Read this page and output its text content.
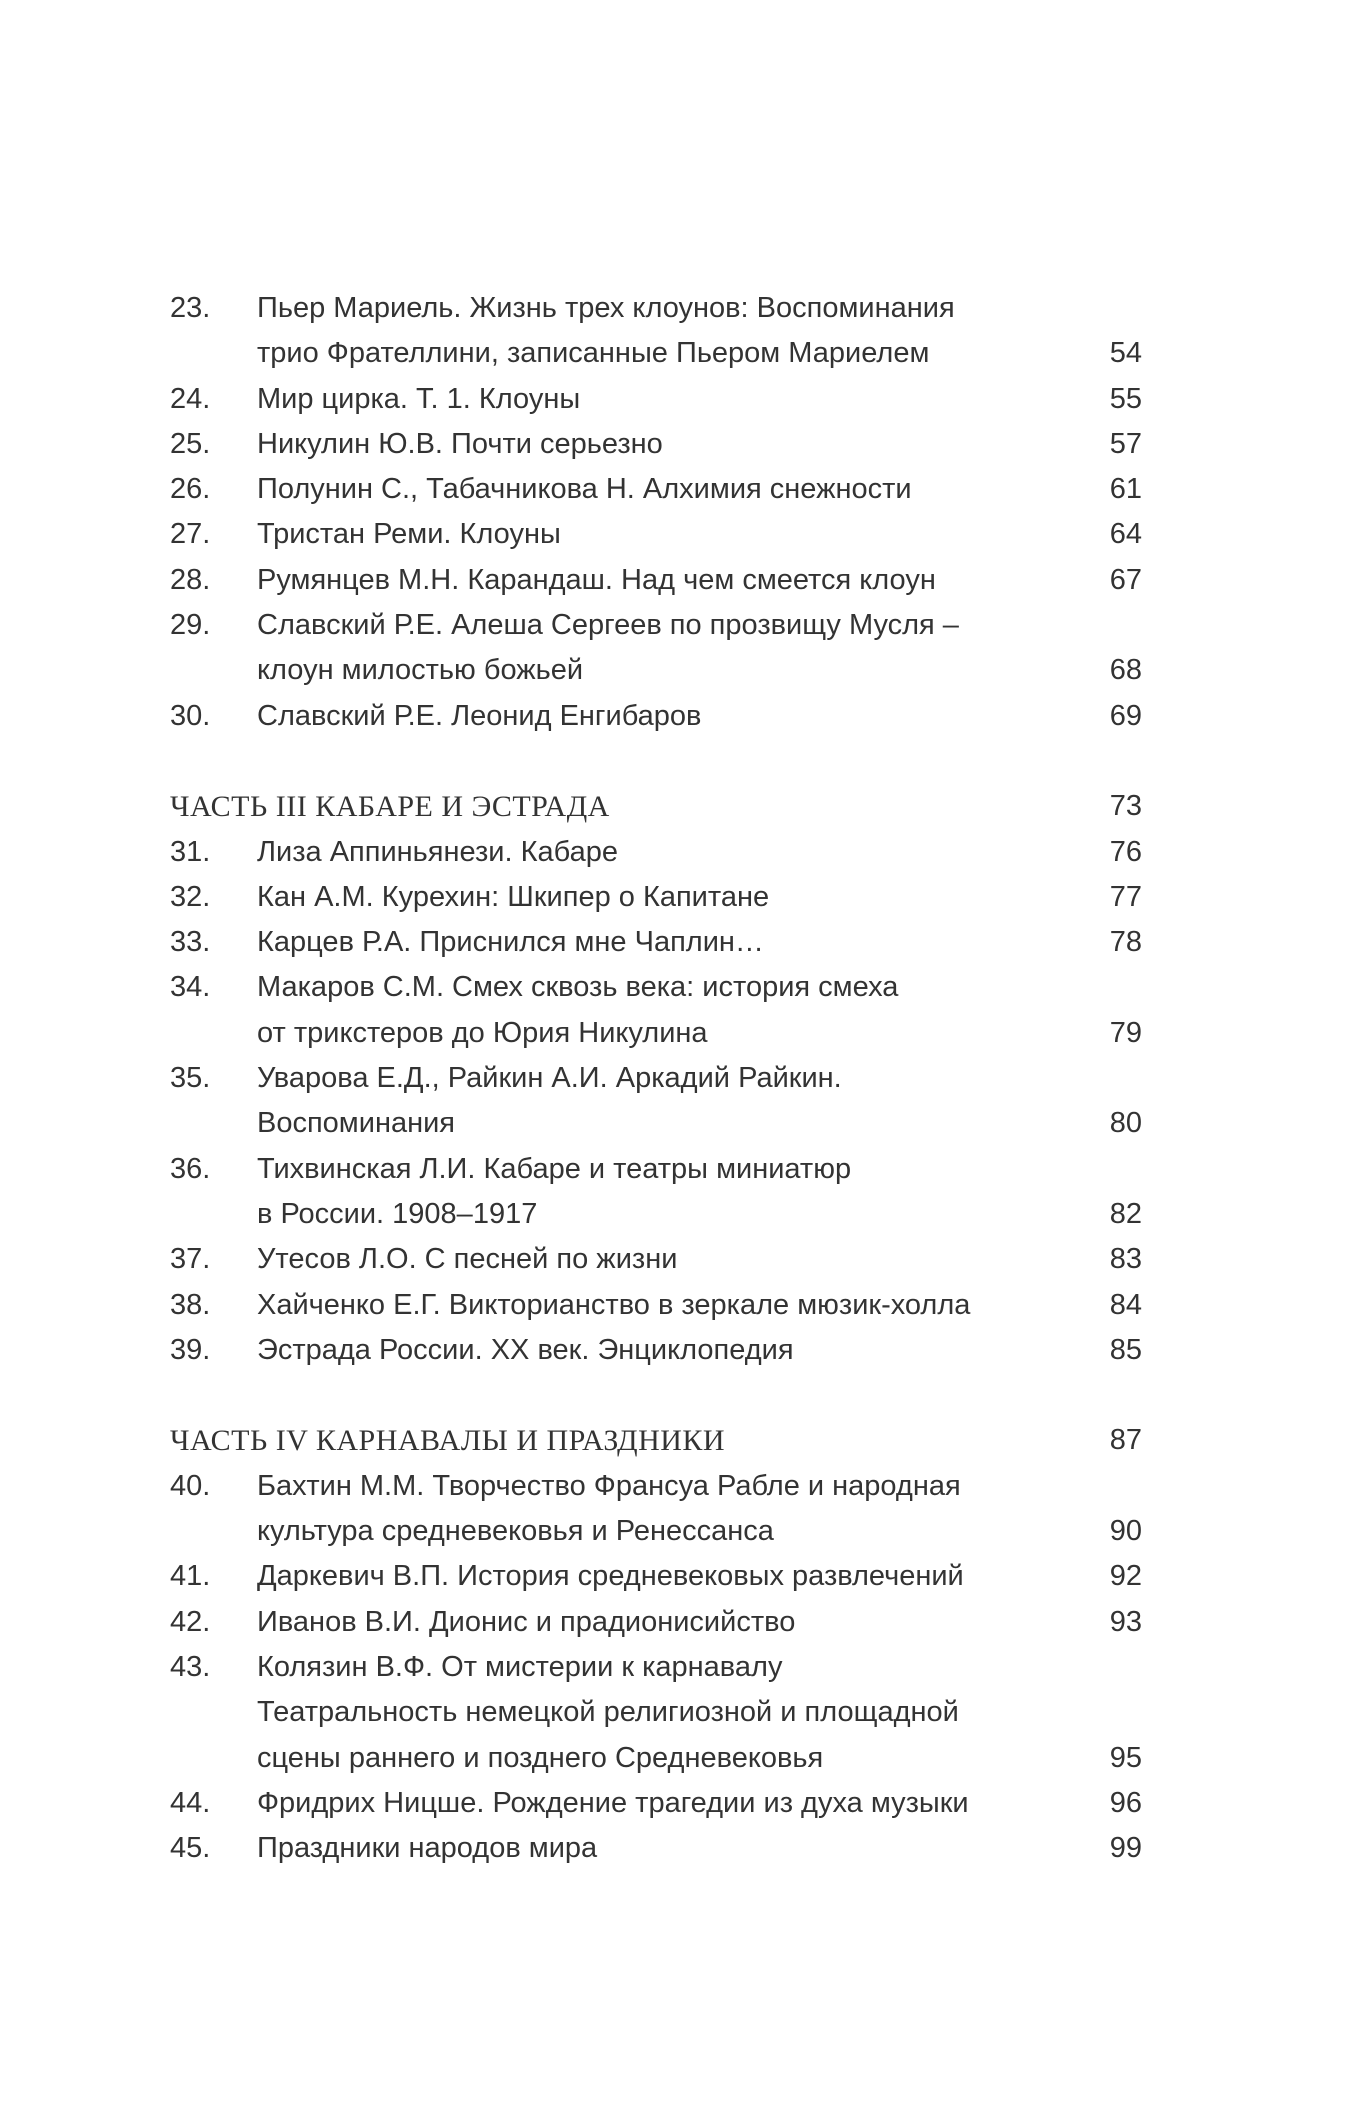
23.	Пьер Мариель. Жизнь трех клоунов: Воспоминания
трио Фрателлини, записанные Пьером Мариелем	54
24.	Мир цирка. Т. 1. Клоуны	55
25.	Никулин Ю.В. Почти серьезно	57
26.	Полунин С., Табачникова Н. Алхимия снежности	61
27.	Тристан Реми. Клоуны	64
28.	Румянцев М.Н. Карандаш. Над чем смеется клоун	67
29.	Славский Р.Е. Алеша Сергеев по прозвищу Мусля –
клоун милостью божьей	68
30.	Славский Р.Е. Леонид Енгибаров	69
ЧАСТЬ III КАБАРЕ И ЭСТРАДА	73
31.	Лиза Аппиньянези. Кабаре	76
32.	Кан А.М. Курехин: Шкипер о Капитане	77
33.	Карцев Р.А. Приснился мне Чаплин…	78
34.	Макаров С.М. Смех сквозь века: история смеха
от трикстеров до Юрия Никулина	79
35.	Уварова Е.Д., Райкин А.И. Аркадий Райкин.
Воспоминания	80
36.	Тихвинская Л.И. Кабаре и театры миниатюр
в России. 1908–1917	82
37.	Утесов Л.О. С песней по жизни	83
38.	Хайченко Е.Г. Викторианство в зеркале мюзик-холла	84
39.	Эстрада России. XX век. Энциклопедия	85
ЧАСТЬ IV КАРНАВАЛЫ И ПРАЗДНИКИ	87
40.	Бахтин М.М. Творчество Франсуа Рабле и народная
культура средневековья и Ренессанса	90
41.	Даркевич В.П. История средневековых развлечений	92
42.	Иванов В.И. Дионис и прадионисийство	93
43.	Колязин В.Ф. От мистерии к карнавалу
Театральность немецкой религиозной и площадной
сцены раннего и позднего Средневековья	95
44.	Фридрих Ницше. Рождение трагедии из духа музыки	96
45.	Праздники народов мира	99
